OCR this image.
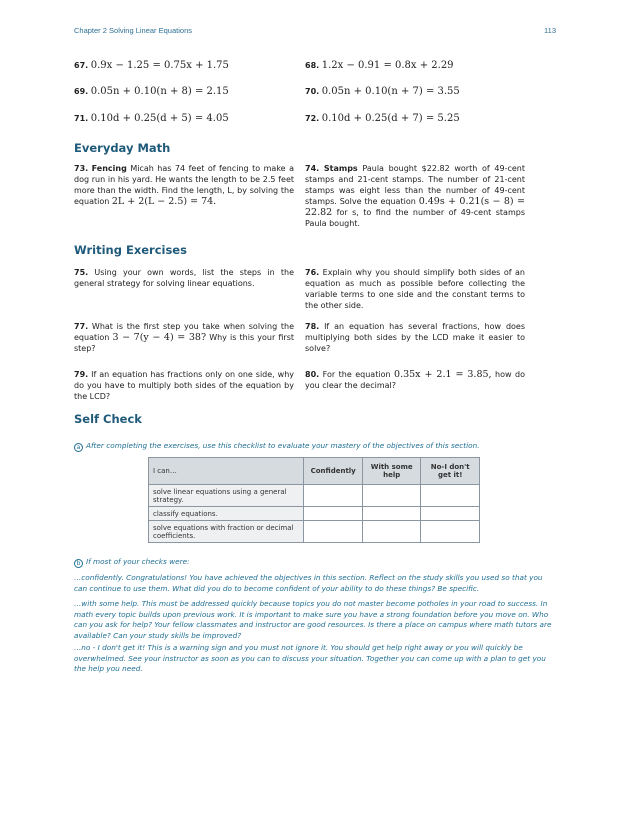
Chapter 2 Solving Linear Equations	113
67. 0.9x − 1.25 = 0.75x + 1.75	68. 1.2x − 0.91 = 0.8x + 2.29
69. 0.05n + 0.10(n + 8) = 2.15	70. 0.05n + 0.10(n + 7) = 3.55
71. 0.10d + 0.25(d + 5) = 4.05	72. 0.10d + 0.25(d + 7) = 5.25
Everyday Math
73. Fencing Micah has 74 feet of fencing to make a dog run in his yard. He wants the length to be 2.5 feet more than the width. Find the length, L, by solving the equation 2L + 2(L − 2.5) = 74.
74. Stamps Paula bought $22.82 worth of 49-cent stamps and 21-cent stamps. The number of 21-cent stamps was eight less than the number of 49-cent stamps. Solve the equation 0.49s + 0.21(s − 8) = 22.82 for s, to find the number of 49-cent stamps Paula bought.
Writing Exercises
75. Using your own words, list the steps in the general strategy for solving linear equations.
76. Explain why you should simplify both sides of an equation as much as possible before collecting the variable terms to one side and the constant terms to the other side.
77. What is the first step you take when solving the equation 3 − 7(y − 4) = 38? Why is this your first step?
78. If an equation has several fractions, how does multiplying both sides by the LCD make it easier to solve?
79. If an equation has fractions only on one side, why do you have to multiply both sides of the equation by the LCD?
80. For the equation 0.35x + 2.1 = 3.85, how do you clear the decimal?
Self Check
a After completing the exercises, use this checklist to evaluate your mastery of the objectives of this section.
I can…	Confidently	With some help	No-I don't get it!
solve linear equations using a general strategy.			
classify equations.			
solve equations with fraction or decimal coefficients.			
b If most of your checks were:
…confidently. Congratulations! You have achieved the objectives in this section. Reflect on the study skills you used so that you can continue to use them. What did you do to become confident of your ability to do these things? Be specific.
…with some help. This must be addressed quickly because topics you do not master become potholes in your road to success. In math every topic builds upon previous work. It is important to make sure you have a strong foundation before you move on. Who can you ask for help? Your fellow classmates and instructor are good resources. Is there a place on campus where math tutors are available? Can your study skills be improved?
…no - I don't get it! This is a warning sign and you must not ignore it. You should get help right away or you will quickly be overwhelmed. See your instructor as soon as you can to discuss your situation. Together you can come up with a plan to get you the help you need.
